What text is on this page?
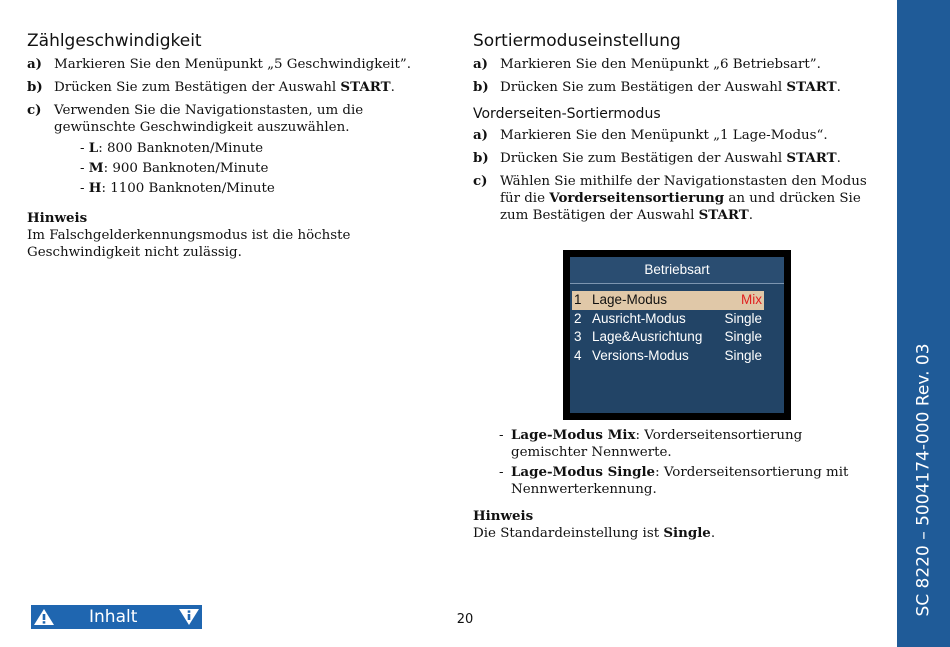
Zählgeschwindigkeit
a) Markieren Sie den Menüpunkt „5 Geschwindigkeit”.
b) Drücken Sie zum Bestätigen der Auswahl START.
c) Verwenden Sie die Navigationstasten, um die gewünschte Geschwindigkeit auszuwählen.
- L: 800 Banknoten/Minute
- M: 900 Banknoten/Minute
- H: 1100 Banknoten/Minute
Hinweis
Im Falschgelderkennungsmodus ist die höchste Geschwindigkeit nicht zulässig.
Sortiermoduseinstellung
a) Markieren Sie den Menüpunkt „6 Betriebsart”.
b) Drücken Sie zum Bestätigen der Auswahl START.
Vorderseiten-Sortiermodus
a) Markieren Sie den Menüpunkt „1 Lage-Modus“.
b) Drücken Sie zum Bestätigen der Auswahl START.
c) Wählen Sie mithilfe der Navigationstasten den Modus für die Vorderseitensortierung an und drücken Sie zum Bestätigen der Auswahl START.
Betriebsart
1 Lage-Modus	Mix
2 Ausricht-Modus	Single
3 Lage&Ausrichtung	Single
4 Versions-Modus	Single
- Lage-Modus Mix: Vorderseitensortierung gemischter Nennwerte.
- Lage-Modus Single: Vorderseitensortierung mit Nennwerterkennung.
Hinweis
Die Standardeinstellung ist Single.	SC 8220 – 5004174-000 Rev. 03
Inhalt	20
